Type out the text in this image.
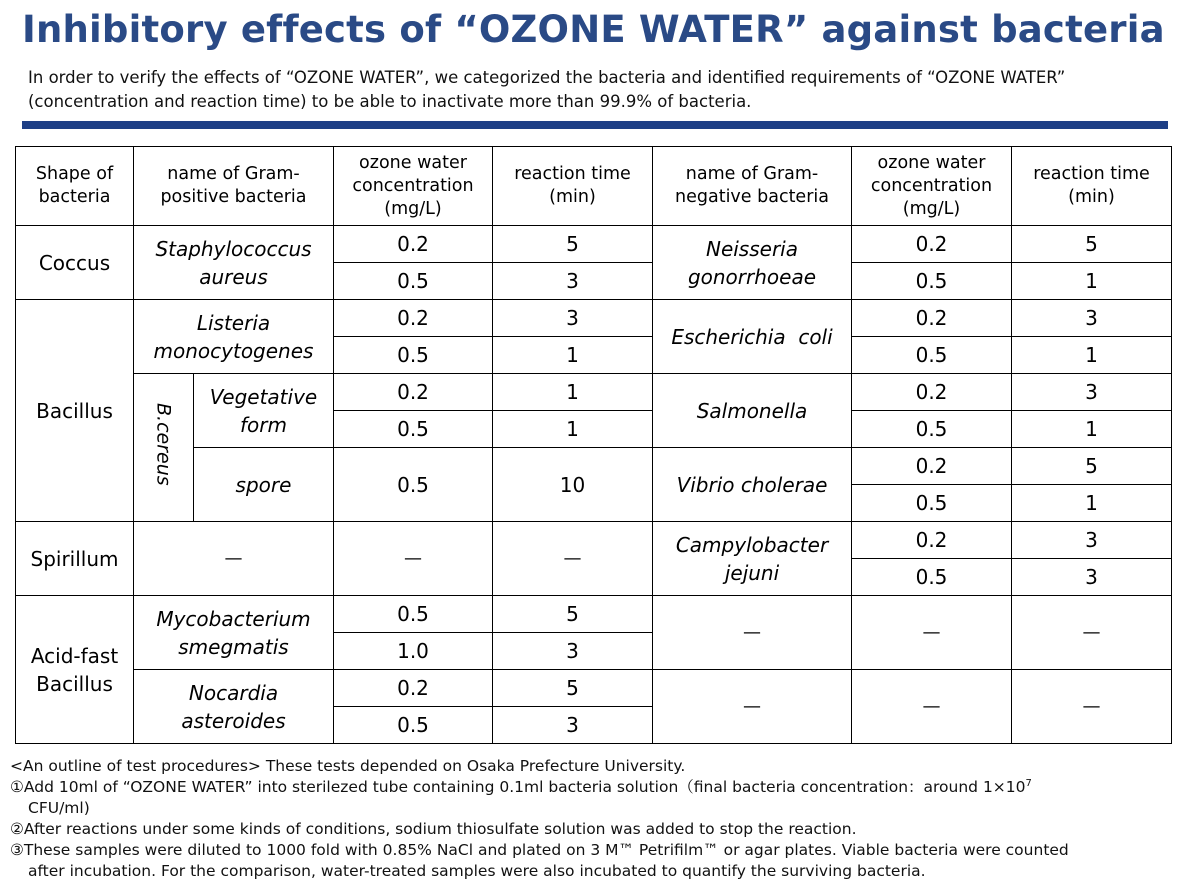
Inhibitory effects of “OZONE WATER” against bacteria
In order to verify the effects of “OZONE WATER”, we categorized the bacteria and identified requirements of “OZONE WATER” (concentration and reaction time) to be able to inactivate more than 99.9% of bacteria.
Shape of bacteria	name of Gram-positive bacteria		ozone water concentration (mg/L)	reaction time (min)	name of Gram-negative bacteria	ozone water concentration (mg/L)	reaction time (min)
Coccus	Staphylococcus aureus		0.2	5	Neisseria gonorrhoeae	0.2	5
			0.5	3		0.5	1
Bacillus	Listeria monocytogenes		0.2	3	Escherichia  coli	0.2	3
			0.5	1		0.5	1
	B.cereus	Vegetative form	0.2	1	Salmonella	0.2	3
			0.5	1		0.5	1
		spore	0.5	10	Vibrio cholerae	0.2	5
						0.5	1
Spirillum	—		—	—	Campylobacter jejuni	0.2	3
						0.5	3
Acid-fast Bacillus	Mycobacterium smegmatis		0.5	5	—	—	—
			1.0	3			
	Nocardia asteroides		0.2	5	—	—	—
			0.5	3			

<An outline of test procedures> These tests depended on Osaka Prefecture University.

①Add 10ml of “OZONE WATER” into sterilezed tube containing 0.1ml bacteria solution（final bacteria concentration：around $1\times 10^7$

CFU/ml)

②After reactions under some kinds of conditions, sodium thiosulfate solution was added to stop the reaction.

③These samples were diluted to 1000 fold with 0.85% NaCl and plated on 3 M™ Petrifilm™ or agar plates. Viable bacteria were counted

after incubation. For the comparison, water-treated samples were also incubated to quantify the surviving bacteria.
